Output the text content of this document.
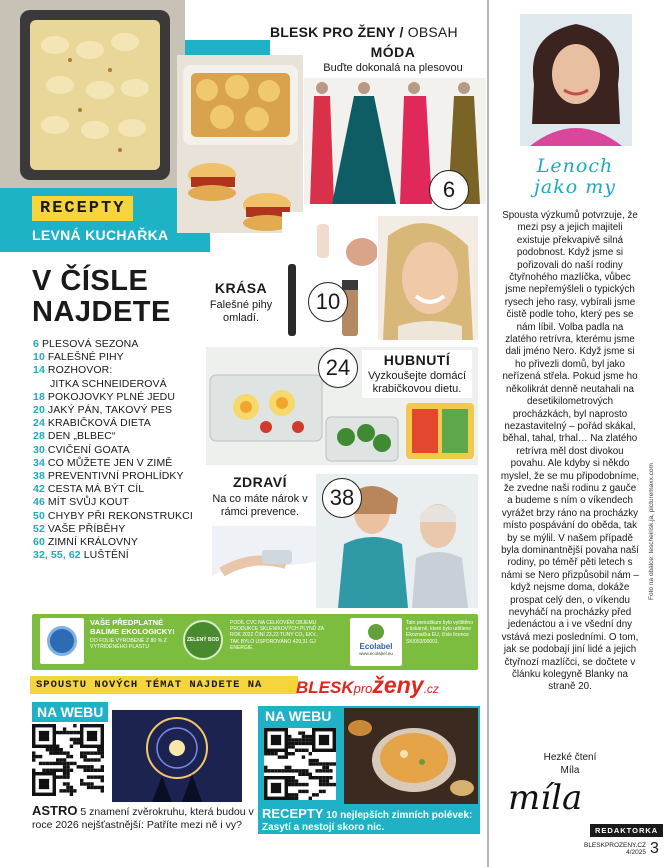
RECEPTY
LEVNÁ KUCHAŘKA
BLESK PRO ŽENY / OBSAH
MÓDA
Buďte dokonalá na plesovou
6
V ČÍSLE
NAJDETE
6 PLESOVÁ SEZONA
10 FALEŠNÉ PIHY
14 ROZHOVOR:
JITKA SCHNEIDEROVÁ
18 POKOJOVKY PLNÉ JEDU
20 JAKÝ PÁN, TAKOVÝ PES
24 KRABIČKOVÁ DIETA
28 DEN „BLBEC“
30 CVIČENÍ GOATA
34 CO MŮŽETE JEN V ZIMĚ
38 PREVENTIVNÍ PROHLÍDKY
42 CESTA MÁ BÝT CÍL
46 MÍT SVŮJ KOUT
50 CHYBY PŘI REKONSTRUKCI
52 VAŠE PŘÍBĚHY
60 ZIMNÍ KRÁLOVNY
32, 55, 62 LUŠTĚNÍ
KRÁSA
Falešné pihy omladí.
10
24	HUBNUTÍ
Vyzkoušejte domácí krabičkovou dietu.
ZDRAVÍ
Na co máte nárok v rámci prevence.
38
VAŠE PŘEDPLATNÉ BALÍME EKOLOGICKY!
DO FOLIE VYROBENÉ Z 80 % Z VYTŘÍDĚNÉHO PLASTU
ZELENÝ BOD
PODÍL CVC NA CELKOVÉM OBJEMU PRODUKCE SKLENÍKOVÝCH PLYNŮ ZA ROK 2022 ČINÍ 23,23 TUNY CO₂ EKV., TAK BYLO ÚSPOROVÁNO 429,31 GJ ENERGIE.	Ecolabel
www.ecolabel.eu
Tato periodikum bylo vytištěno v tiskárně, které bylo uděleno Ekoznačka EU, číslo licence SK/053/00001.
SPOUSTU NOVÝCH TÉMAT NAJDETE NA	BLESKproženy.cz
NA WEBU
ASTRO 5 znamení zvěrokruhu, která budou v roce 2026 nejšťastnější: Patříte mezi ně i vy?
NA WEBU
RECEPTY 10 nejlepších zimních polévek: Zasytí a nestojí skoro nic.
Lenoch
jako my
Spousta výzkumů potvrzuje, že mezi psy a jejich majiteli existuje překvapivě silná podobnost. Když jsme si pořizovali do naší rodiny čtyřnohého mazlíčka, vůbec jsme nepřemýšleli o typických rysech jeho rasy, vybírali jsme čistě podle toho, který pes se nám líbil. Volba padla na zlatého retrívra, kterému jsme dali jméno Nero. Když jsme si ho přivezli domů, byl jako neřízená střela. Pokud jsme ho několikrát denně neutahali na desetikilometrových procházkách, byl naprosto nezastavitelný – pořád skákal, běhal, tahal, trhal… Na zlatého retrívra měl dost divokou povahu. Ale kdyby si někdo myslel, že se mu připodobníme, že zvedne naši rodinu z gauče a budeme s ním o víkendech vyrážet brzy ráno na procházky místo pospávání do oběda, tak by se mýlil. V našem případě byla dominantnější povaha naší rodiny, po téměř pěti letech s námi se Nero přizpůsobil nám – když nejsme doma, dokáže prospat celý den, o víkendu nevyháčí na procházky před jedenáctou a i ve všední dny vstává mezi posledními. O tom, jak se podobají jiní lidé a jejich čtyřnozí mazlíčci, se dočtete v článku kolegyně Blanky na straně 20.
Hezké čtení
Míla
míla
REDAKTORKA
Foto na obálce: tescheirisk.ja, picturemaxx.com
BLESKPROZENY.CZ
4/2025 3
